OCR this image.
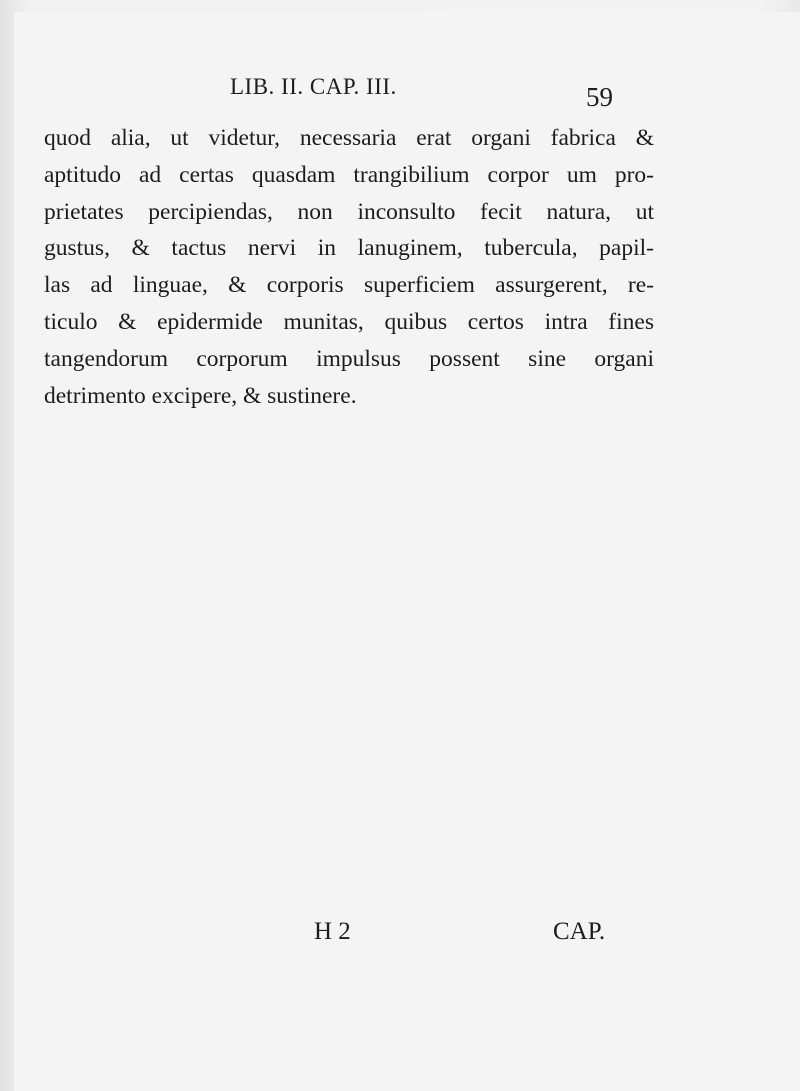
LIB. II. CAP. III.	59
quod alia, ut videtur, necessaria erat organi fabrica &
aptitudo ad certas quasdam trangibilium corpor um pro-
prietates percipiendas, non inconsulto fecit natura, ut
gustus, & tactus nervi in lanuginem, tubercula, papil-
las ad linguae, & corporis superficiem assurgerent, re-
ticulo & epidermide munitas, quibus certos intra fines
tangendorum corporum impulsus possent sine organi
detrimento excipere, & sustinere.
H 2	CAP.
